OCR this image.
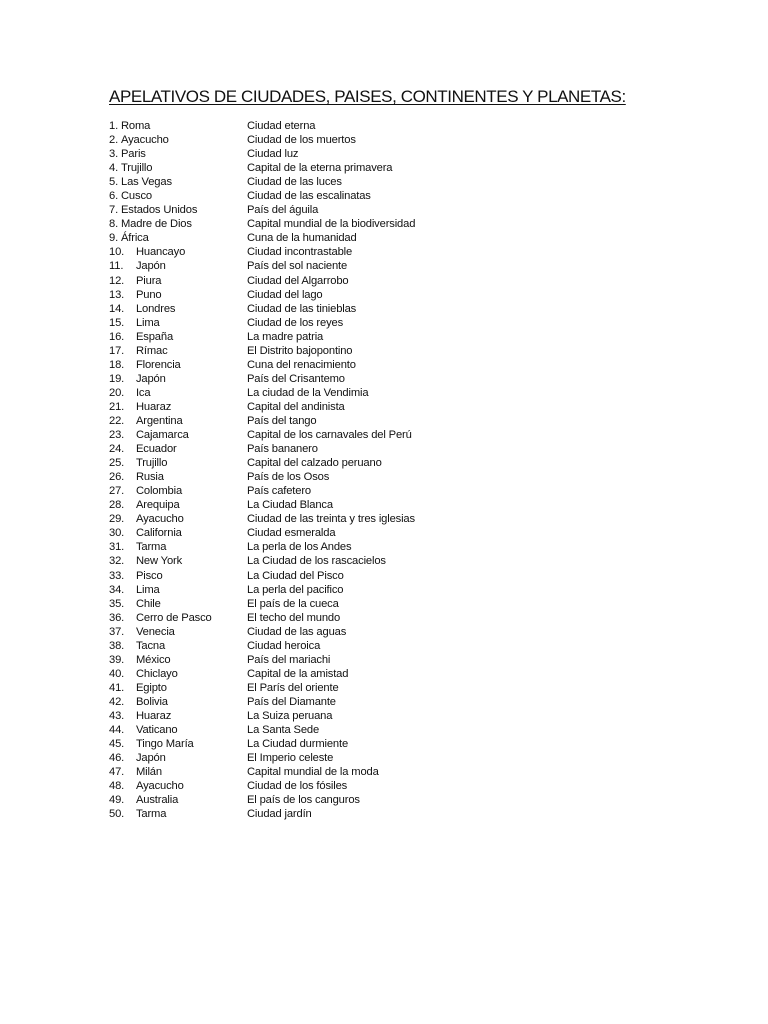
APELATIVOS DE CIUDADES, PAISES, CONTINENTES Y PLANETAS:
1. Roma	Ciudad eterna
2. Ayacucho	Ciudad de los muertos
3. Paris	Ciudad luz
4. Trujillo	Capital de la eterna primavera
5. Las Vegas	Ciudad de las luces
6. Cusco	Ciudad de las escalinatas
7. Estados Unidos	País del águila
8. Madre de Dios	Capital mundial de la biodiversidad
9. África	Cuna de la humanidad
10. Huancayo	Ciudad incontrastable
11. Japón	País del sol naciente
12. Piura	Ciudad del Algarrobo
13. Puno	Ciudad del lago
14. Londres	Ciudad de las tinieblas
15. Lima	Ciudad de los reyes
16. España	La madre patria
17. Rímac	El Distrito bajopontino
18. Florencia	Cuna del renacimiento
19. Japón	País del Crisantemo
20. Ica	La ciudad de la Vendimia
21. Huaraz	Capital del andinista
22. Argentina	País del tango
23. Cajamarca	Capital de los carnavales del Perú
24. Ecuador	País bananero
25. Trujillo	Capital del calzado peruano
26. Rusia	País de los Osos
27. Colombia	País cafetero
28. Arequipa	La Ciudad Blanca
29. Ayacucho	Ciudad de las treinta y tres iglesias
30. California	Ciudad esmeralda
31. Tarma	La perla de los Andes
32. New York	La Ciudad de los rascacielos
33. Pisco	La Ciudad del Pisco
34. Lima	La perla del pacifico
35. Chile	El país de la cueca
36. Cerro de Pasco	El techo del mundo
37. Venecia	Ciudad de las aguas
38. Tacna	Ciudad heroica
39. México	País del mariachi
40. Chiclayo	Capital de la amistad
41. Egipto	El París del oriente
42. Bolivia	País del Diamante
43. Huaraz	La Suiza peruana
44. Vaticano	La Santa Sede
45. Tingo María	La Ciudad durmiente
46. Japón	El Imperio celeste
47. Milán	Capital mundial de la moda
48. Ayacucho	Ciudad de los fósiles
49. Australia	El país de los canguros
50. Tarma	Ciudad jardín
